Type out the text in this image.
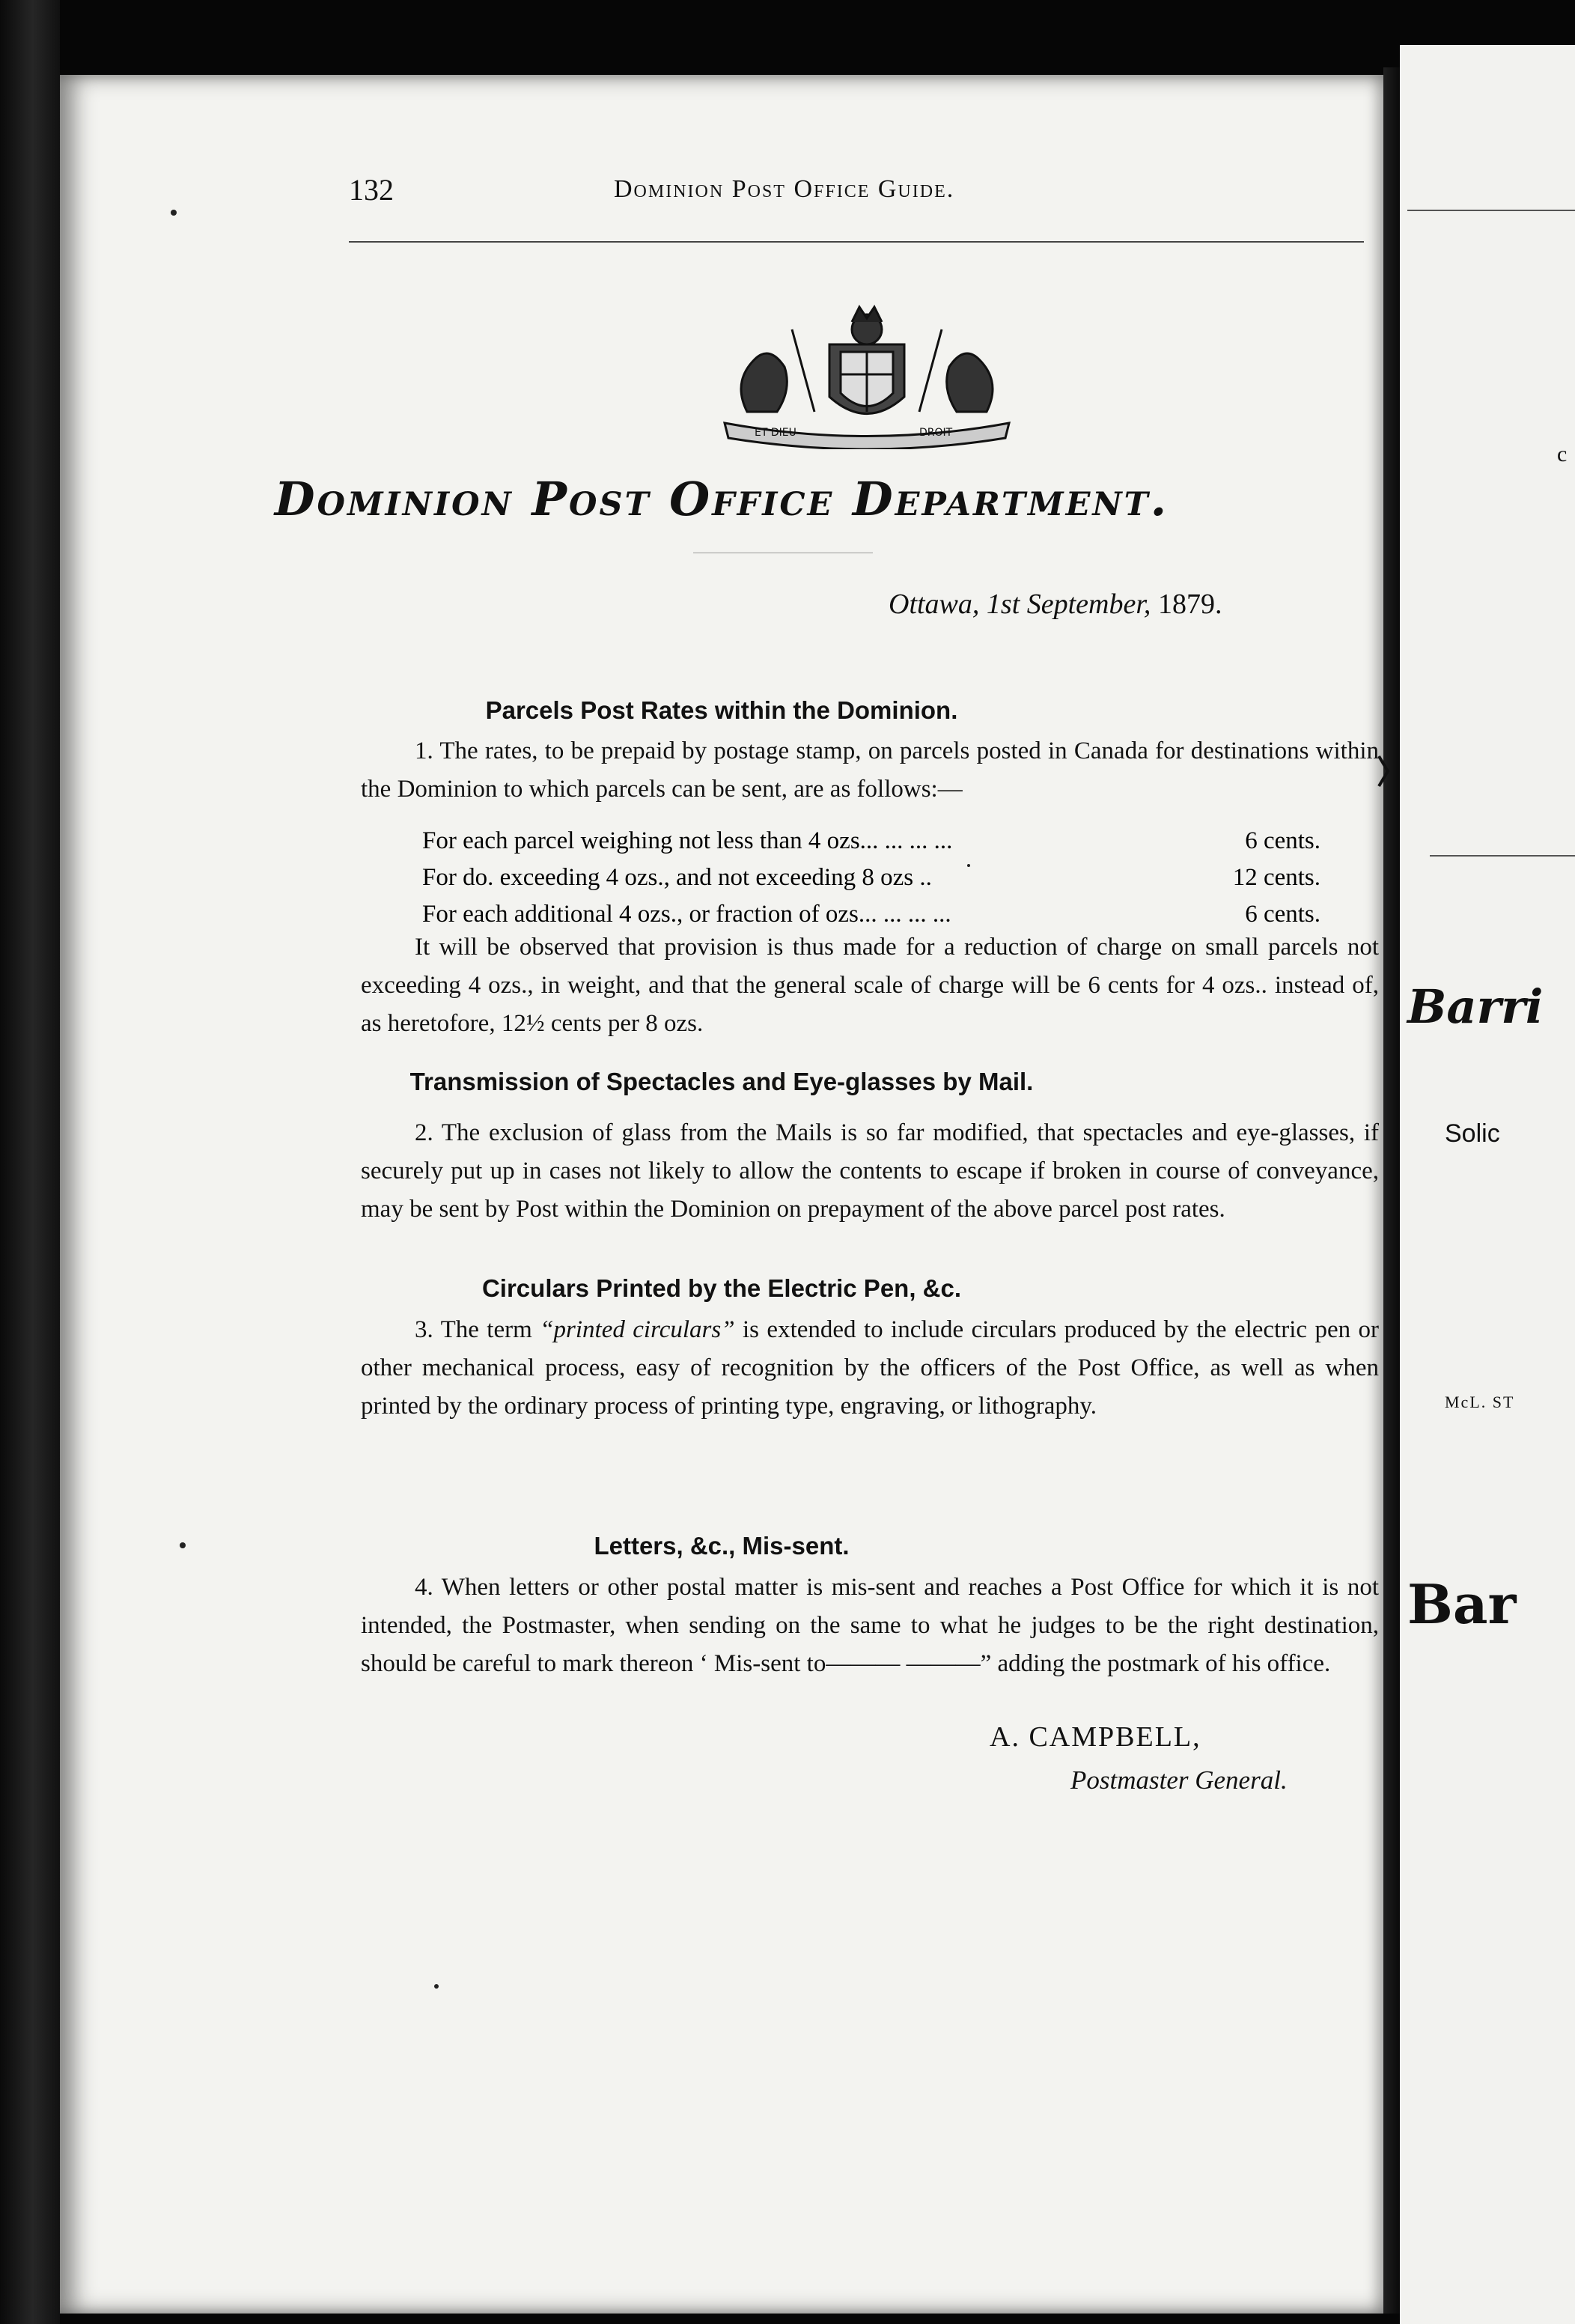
132	Dominion Post Office Guide.
ET DIEU	DROIT
Dominion Post Office Department.
Ottawa, 1st September, 1879.
Parcels Post Rates within the Dominion.
1. The rates, to be prepaid by postage stamp, on parcels posted in Canada for destinations within the Dominion to which parcels can be sent, are as follows:—
For each parcel weighing not less than 4 ozs... ... ... ...	6 cents.
For do. exceeding 4 ozs., and not exceeding 8 ozs ..	12 cents.
For each additional 4 ozs., or fraction of ozs... ... ... ...	6 cents.
It will be observed that provision is thus made for a reduction of charge on small parcels not exceeding 4 ozs., in weight, and that the general scale of charge will be 6 cents for 4 ozs.. instead of, as heretofore, 12½ cents per 8 ozs.
Transmission of Spectacles and Eye-glasses by Mail.
2. The exclusion of glass from the Mails is so far modified, that spectacles and eye-glasses, if securely put up in cases not likely to allow the contents to escape if broken in course of conveyance, may be sent by Post within the Dominion on prepayment of the above parcel post rates.
Circulars Printed by the Electric Pen, &c.
3. The term “printed circulars” is extended to include circulars produced by the electric pen or other mechanical process, easy of recognition by the officers of the Post Office, as well as when printed by the ordinary process of printing type, engraving, or lithography.
Letters, &c., Mis-sent.
4. When letters or other postal matter is mis-sent and reaches a Post Office for which it is not intended, the Postmaster, when sending on the same to what he judges to be the right destination, should be careful to mark thereon ‘ Mis-sent to——— ———” adding the postmark of his office.
A. CAMPBELL,
Postmaster General.
c
Barri
Solic
McL. ST
Bar
